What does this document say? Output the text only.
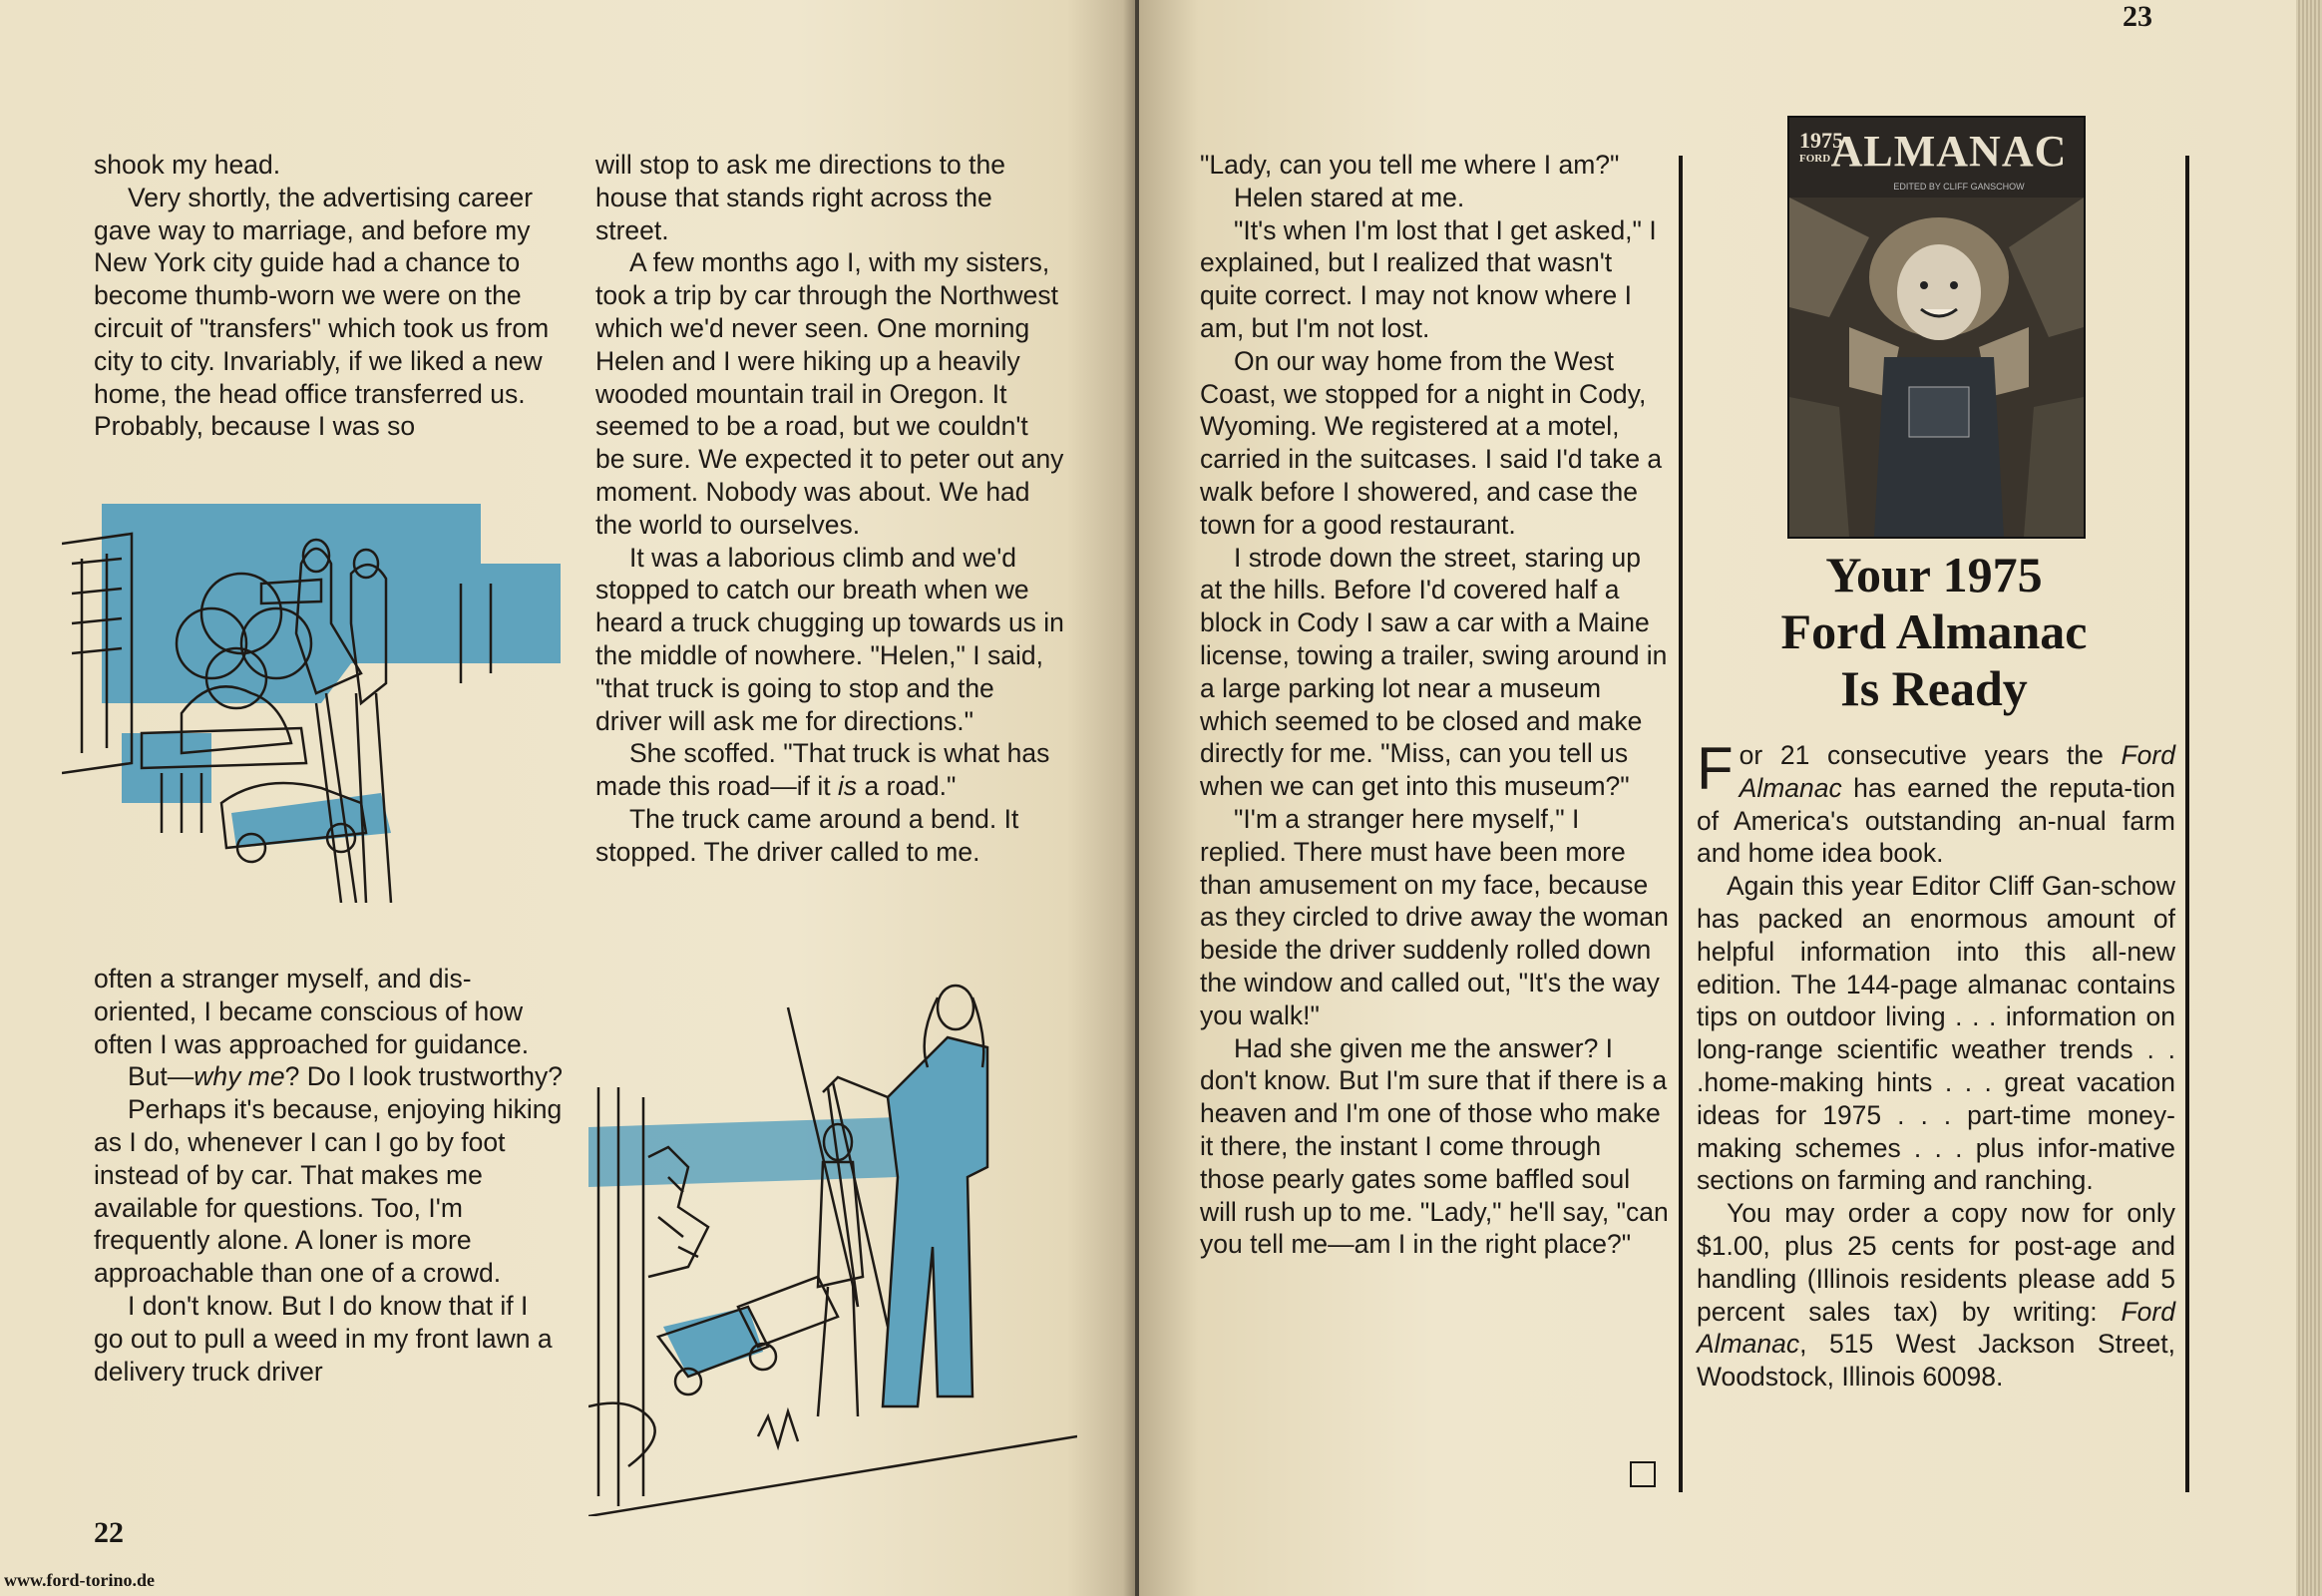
shook my head.

Very shortly, the advertising career gave way to marriage, and before my New York city guide had a chance to become thumb-worn we were on the circuit of "transfers" which took us from city to city. Invariably, if we liked a new home, the head office transferred us. Probably, because I was so

often a stranger myself, and dis-oriented, I became conscious of how often I was approached for guidance.

But—why me? Do I look trustworthy?

Perhaps it's because, enjoying hiking as I do, whenever I can I go by foot instead of by car. That makes me available for questions. Too, I'm frequently alone. A loner is more approachable than one of a crowd.

I don't know. But I do know that if I go out to pull a weed in my front lawn a delivery truck driver

will stop to ask me directions to the house that stands right across the street.

A few months ago I, with my sisters, took a trip by car through the Northwest which we'd never seen. One morning Helen and I were hiking up a heavily wooded mountain trail in Oregon. It seemed to be a road, but we couldn't be sure. We expected it to peter out any moment. Nobody was about. We had the world to ourselves.

It was a laborious climb and we'd stopped to catch our breath when we heard a truck chugging up towards us in the middle of nowhere. "Helen," I said, "that truck is going to stop and the driver will ask me for directions."

She scoffed. "That truck is what has made this road—if it is a road."

The truck came around a bend. It stopped. The driver called to me.

22
www.ford-torino.de

"Lady, can you tell me where I am?"

Helen stared at me.

"It's when I'm lost that I get asked," I explained, but I realized that wasn't quite correct. I may not know where I am, but I'm not lost.

On our way home from the West Coast, we stopped for a night in Cody, Wyoming. We registered at a motel, carried in the suitcases. I said I'd take a walk before I showered, and case the town for a good restaurant.

I strode down the street, staring up at the hills. Before I'd covered half a block in Cody I saw a car with a Maine license, towing a trailer, swing around in a large parking lot near a museum which seemed to be closed and make directly for me. "Miss, can you tell us when we can get into this museum?"

"I'm a stranger here myself," I replied. There must have been more than amusement on my face, because as they circled to drive away the woman beside the driver suddenly rolled down the window and called out, "It's the way you walk!"

Had she given me the answer? I don't know. But I'm sure that if there is a heaven and I'm one of those who make it there, the instant I come through those pearly gates some baffled soul will rush up to me. "Lady," he'll say, "can you tell me—am I in the right place?"

1975
FORD ALMANAC
EDITED BY CLIFF GANSCHOW
Your 1975
Ford Almanac
Is Ready

For 21 consecutive years the Ford Almanac has earned the reputa-tion of America's outstanding an-nual farm and home idea book.

Again this year Editor Cliff Gan-schow has packed an enormous amount of helpful information into this all-new edition. The 144-page almanac contains tips on outdoor living . . . information on long-range scientific weather trends . . .home-making hints . . . great vacation ideas for 1975 . . . part-time money-making schemes . . . plus infor-mative sections on farming and ranching.

You may order a copy now for only $1.00, plus 25 cents for post-age and handling (Illinois residents please add 5 percent sales tax) by writing: Ford Almanac, 515 West Jackson Street, Woodstock, Illinois 60098.

23
